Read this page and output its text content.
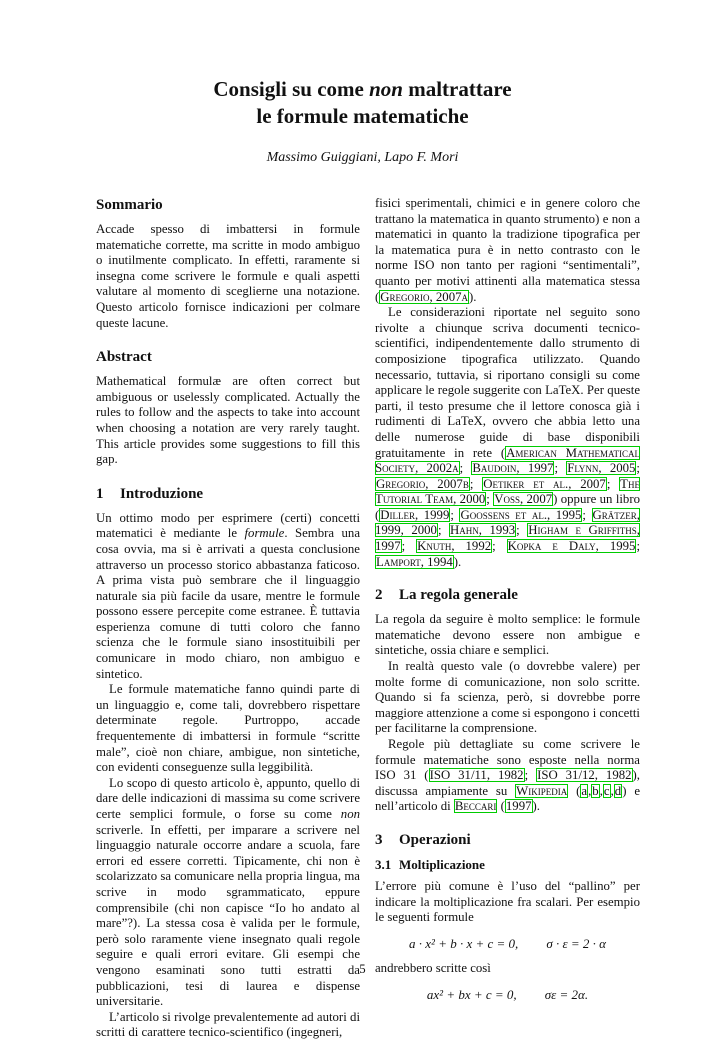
Consigli su come non maltrattare
le formule matematiche
Massimo Guiggiani, Lapo F. Mori
Sommario

Accade spesso di imbattersi in formule matematiche corrette, ma scritte in modo ambiguo o inutilmente complicato. In effetti, raramente si insegna come scrivere le formule e quali aspetti valutare al momento di sceglierne una notazione. Questo articolo fornisce indicazioni per colmare queste lacune.

Abstract

Mathematical formulæ are often correct but ambiguous or uselessly complicated. Actually the rules to follow and the aspects to take into account when choosing a notation are very rarely taught. This article provides some suggestions to fill this gap.

1 Introduzione

Un ottimo modo per esprimere (certi) concetti matematici è mediante le formule. Sembra una cosa ovvia, ma si è arrivati a questa conclusione attraverso un processo storico abbastanza faticoso. A prima vista può sembrare che il linguaggio naturale sia più facile da usare, mentre le formule possono essere percepite come estranee. È tuttavia esperienza comune di tutti coloro che fanno scienza che le formule siano insostituibili per comunicare in modo chiaro, non ambiguo e sintetico.

Le formule matematiche fanno quindi parte di un linguaggio e, come tali, dovrebbero rispettare determinate regole. Purtroppo, accade frequentemente di imbattersi in formule “scritte male”, cioè non chiare, ambigue, non sintetiche, con evidenti conseguenze sulla leggibilità.

Lo scopo di questo articolo è, appunto, quello di dare delle indicazioni di massima su come scrivere certe semplici formule, o forse su come non scriverle. In effetti, per imparare a scrivere nel linguaggio naturale occorre andare a scuola, fare errori ed essere corretti. Tipicamente, chi non è scolarizzato sa comunicare nella propria lingua, ma scrive in modo sgrammaticato, eppure comprensibile (chi non capisce “Io ho andato al mare”?). La stessa cosa è valida per le formule, però solo raramente viene insegnato quali regole seguire e quali errori evitare. Gli esempi che vengono esaminati sono tutti estratti da pubblicazioni, tesi di laurea e dispense universitarie.

L’articolo si rivolge prevalentemente ad autori di scritti di carattere tecnico-scientifico (ingegneri,

fisici sperimentali, chimici e in genere coloro che trattano la matematica in quanto strumento) e non a matematici in quanto la tradizione tipografica per la matematica pura è in netto contrasto con le norme ISO non tanto per ragioni “sentimentali”, quanto per motivi attinenti alla matematica stessa (Gregorio, 2007a).

Le considerazioni riportate nel seguito sono rivolte a chiunque scriva documenti tecnico-scientifici, indipendentemente dallo strumento di composizione tipografica utilizzato. Quando necessario, tuttavia, si riportano consigli su come applicare le regole suggerite con LaTeX. Per queste parti, il testo presume che il lettore conosca già i rudimenti di LaTeX, ovvero che abbia letto una delle numerose guide di base disponibili gratuitamente in rete (American Mathematical Society, 2002a; Baudoin, 1997; Flynn, 2005; Gregorio, 2007b; Oetiker et al., 2007; The Tutorial Team, 2000; Voss, 2007) oppure un libro (Diller, 1999; Goossens et al., 1995; Grätzer, 1999, 2000; Hahn, 1993; Higham e Griffiths, 1997; Knuth, 1992; Kopka e Daly, 1995; Lamport, 1994).

2 La regola generale

La regola da seguire è molto semplice: le formule matematiche devono essere non ambigue e sintetiche, ossia chiare e semplici.

In realtà questo vale (o dovrebbe valere) per molte forme di comunicazione, non solo scritte. Quando si fa scienza, però, si dovrebbe porre maggiore attenzione a come si espongono i concetti per facilitarne la comprensione.

Regole più dettagliate su come scrivere le formule matematiche sono esposte nella norma ISO 31 (ISO 31/11, 1982; ISO 31/12, 1982), discussa ampiamente su Wikipedia (a,b,c,d) e nell’articolo di Beccari (1997).

3 Operazioni
3.1 Moltiplicazione

L’errore più comune è l’uso del “pallino” per indicare la moltiplicazione fra scalari. Per esempio le seguenti formule

a · x² + b · x + c = 0, σ · ε = 2 · α

andrebbero scritte così

ax² + bx + c = 0, σε = 2α.
5
